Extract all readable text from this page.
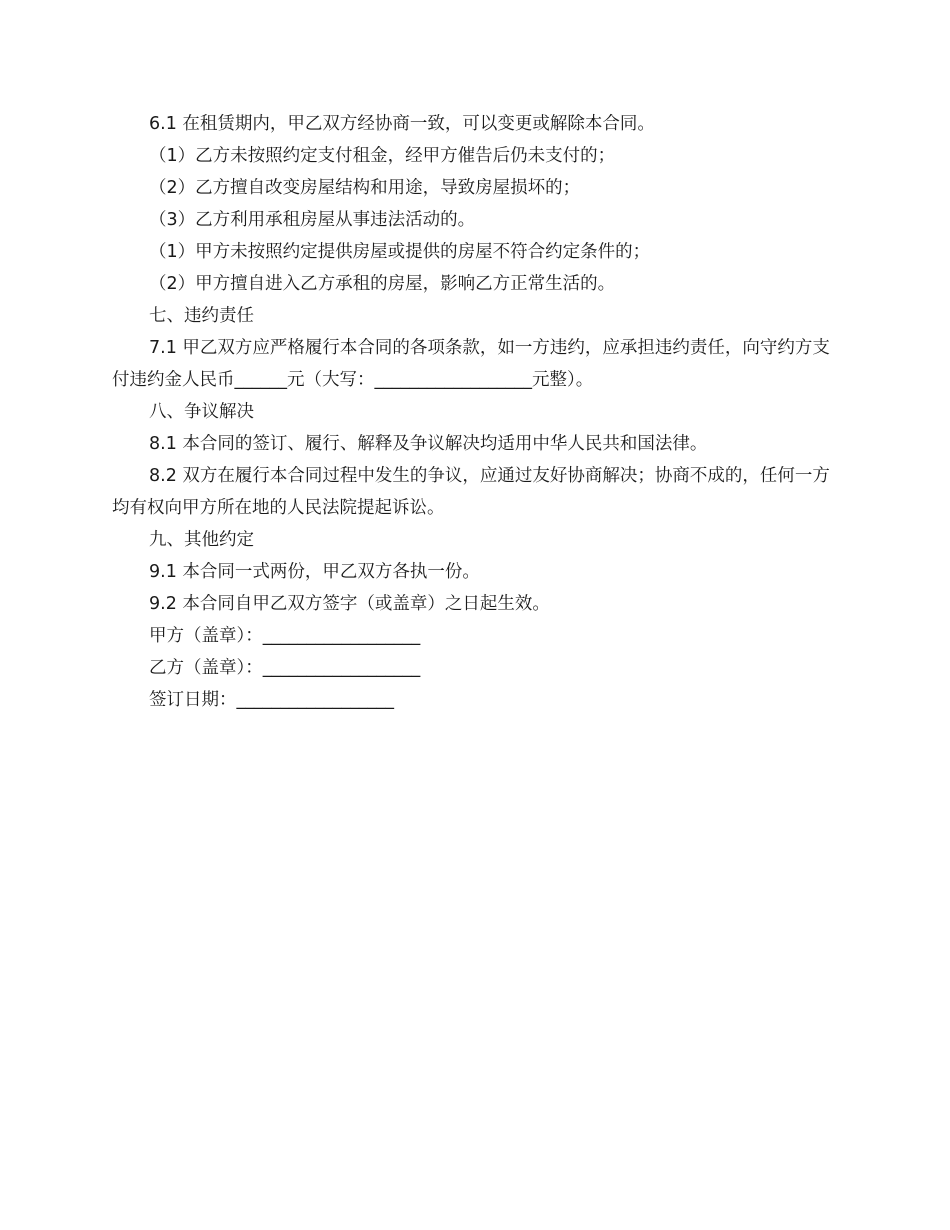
6.1 在租赁期内，甲乙双方经协商一致，可以变更或解除本合同。

（1）乙方未按照约定支付租金，经甲方催告后仍未支付的；

（2）乙方擅自改变房屋结构和用途，导致房屋损坏的；

（3）乙方利用承租房屋从事违法活动的。

（1）甲方未按照约定提供房屋或提供的房屋不符合约定条件的；

（2）甲方擅自进入乙方承租的房屋，影响乙方正常生活的。

七、违约责任

7.1 甲乙双方应严格履行本合同的各项条款，如一方违约，应承担违约责任，向守约方支付违约金人民币______元（大写：__________________元整）。

八、争议解决

8.1 本合同的签订、履行、解释及争议解决均适用中华人民共和国法律。

8.2 双方在履行本合同过程中发生的争议，应通过友好协商解决；协商不成的，任何一方均有权向甲方所在地的人民法院提起诉讼。

九、其他约定

9.1 本合同一式两份，甲乙双方各执一份。

9.2 本合同自甲乙双方签字（或盖章）之日起生效。

甲方（盖章）：__________________

乙方（盖章）：__________________

签订日期：__________________
